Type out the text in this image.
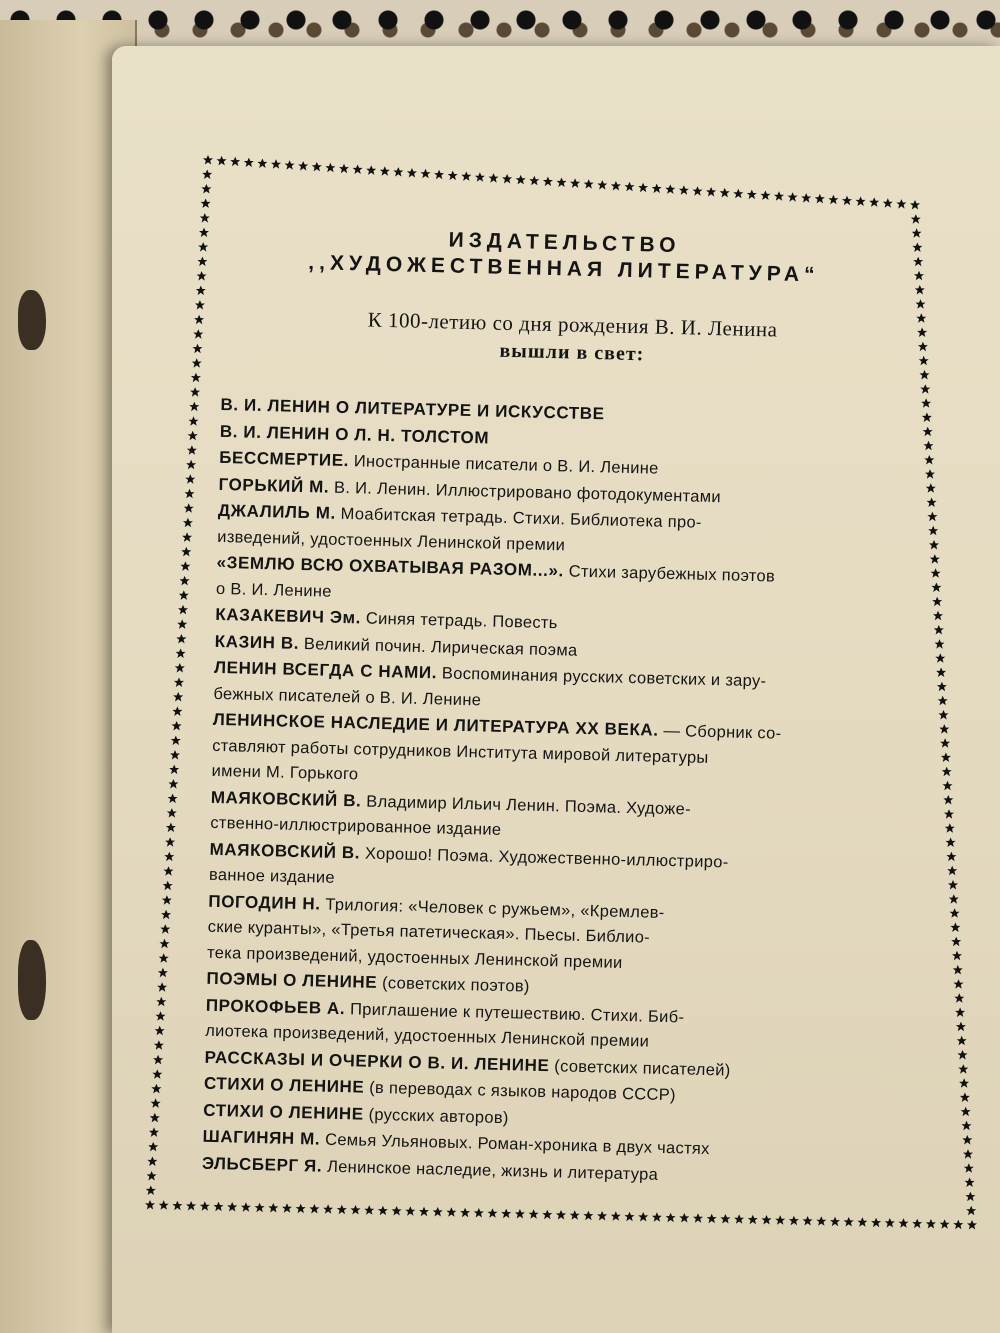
ИЗДАТЕЛЬСТВО
,,ХУДОЖЕСТВЕННАЯ ЛИТЕРАТУРА“
К 100-летию со дня рождения В. И. Ленина
вышли в свет:
В. И. ЛЕНИН О ЛИТЕРАТУРЕ И ИСКУССТВЕ
В. И. ЛЕНИН О Л. Н. ТОЛСТОМ
БЕССМЕРТИЕ. Иностранные писатели о В. И. Ленине
ГОРЬКИЙ М. В. И. Ленин. Иллюстрировано фотодокументами
ДЖАЛИЛЬ М. Моабитская тетрадь. Стихи. Библиотека про-
изведений, удостоенных Ленинской премии
«ЗЕМЛЮ ВСЮ ОХВАТЫВАЯ РАЗОМ...». Стихи зарубежных поэтов
о В. И. Ленине
КАЗАКЕВИЧ Эм. Синяя тетрадь. Повесть
КАЗИН В. Великий почин. Лирическая поэма
ЛЕНИН ВСЕГДА С НАМИ. Воспоминания русских советских и зару-
бежных писателей о В. И. Ленине
ЛЕНИНСКОЕ НАСЛЕДИЕ И ЛИТЕРАТУРА XX ВЕКА. — Сборник со-
ставляют работы сотрудников Института мировой литературы
имени М. Горького
МАЯКОВСКИЙ В. Владимир Ильич Ленин. Поэма. Художе-
ственно-иллюстрированное издание
МАЯКОВСКИЙ В. Хорошо! Поэма. Художественно-иллюстриро-
ванное издание
ПОГОДИН Н. Трилогия: «Человек с ружьем», «Кремлев-
ские куранты», «Третья патетическая». Пьесы. Библио-
тека произведений, удостоенных Ленинской премии
ПОЭМЫ О ЛЕНИНЕ (советских поэтов)
ПРОКОФЬЕВ А. Приглашение к путешествию. Стихи. Биб-
лиотека произведений, удостоенных Ленинской премии
РАССКАЗЫ И ОЧЕРКИ О В. И. ЛЕНИНЕ (советских писателей)
СТИХИ О ЛЕНИНЕ (в переводах с языков народов СССР)
СТИХИ О ЛЕНИНЕ (русских авторов)
ШАГИНЯН М. Семья Ульяновых. Роман-хроника в двух частях
ЭЛЬСБЕРГ Я. Ленинское наследие, жизнь и литература
